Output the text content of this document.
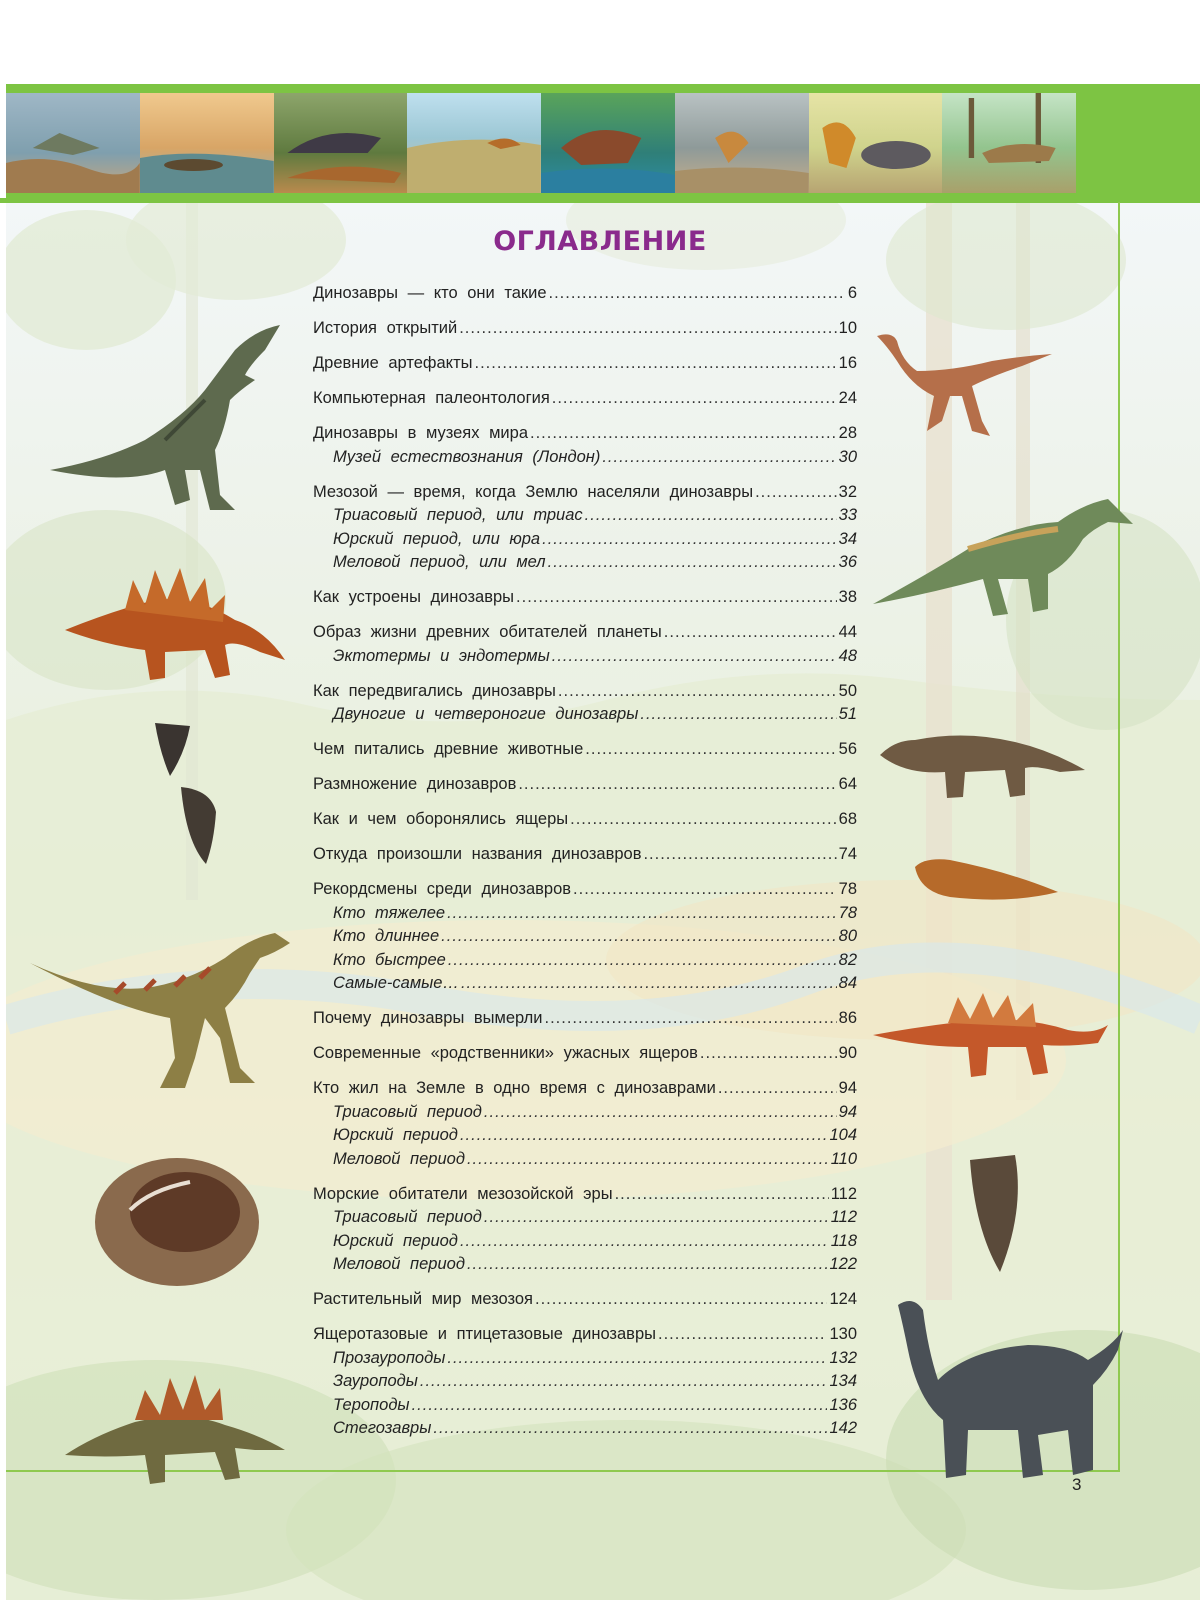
ОГЛАВЛЕНИЕ
Динозавры — кто они такие .....	6
История открытий .....	10
Древние артефакты .....	16
Компьютерная палеонтология .....	24
Динозавры в музеях мира .....	28
Музей естествознания (Лондон) .....	30
Мезозой — время, когда Землю населяли динозавры .....	32
Триасовый период, или триас .....	33
Юрский период, или юра .....	34
Меловой период, или мел .....	36
Как устроены динозавры .....	38
Образ жизни древних обитателей планеты .....	44
Эктотермы и эндотермы .....	48
Как передвигались динозавры .....	50
Двуногие и четвероногие динозавры .....	51
Чем питались древние животные .....	56
Размножение динозавров .....	64
Как и чем оборонялись ящеры .....	68
Откуда произошли названия динозавров .....	74
Рекордсмены среди динозавров .....	78
Кто тяжелее .....	78
Кто длиннее .....	80
Кто быстрее .....	82
Самые-самые… .....	84
Почему динозавры вымерли .....	86
Современные «родственники» ужасных ящеров .....	90
Кто жил на Земле в одно время с динозаврами .....	94
Триасовый период .....	94
Юрский период .....	104
Меловой период .....	110
Морские обитатели мезозойской эры .....	112
Триасовый период .....	112
Юрский период .....	118
Меловой период .....	122
Растительный мир мезозоя .....	124
Ящеротазовые и птицетазовые динозавры .....	130
Прозауроподы .....	132
Зауроподы .....	134
Тероподы .....	136
Стегозавры .....	142
3
